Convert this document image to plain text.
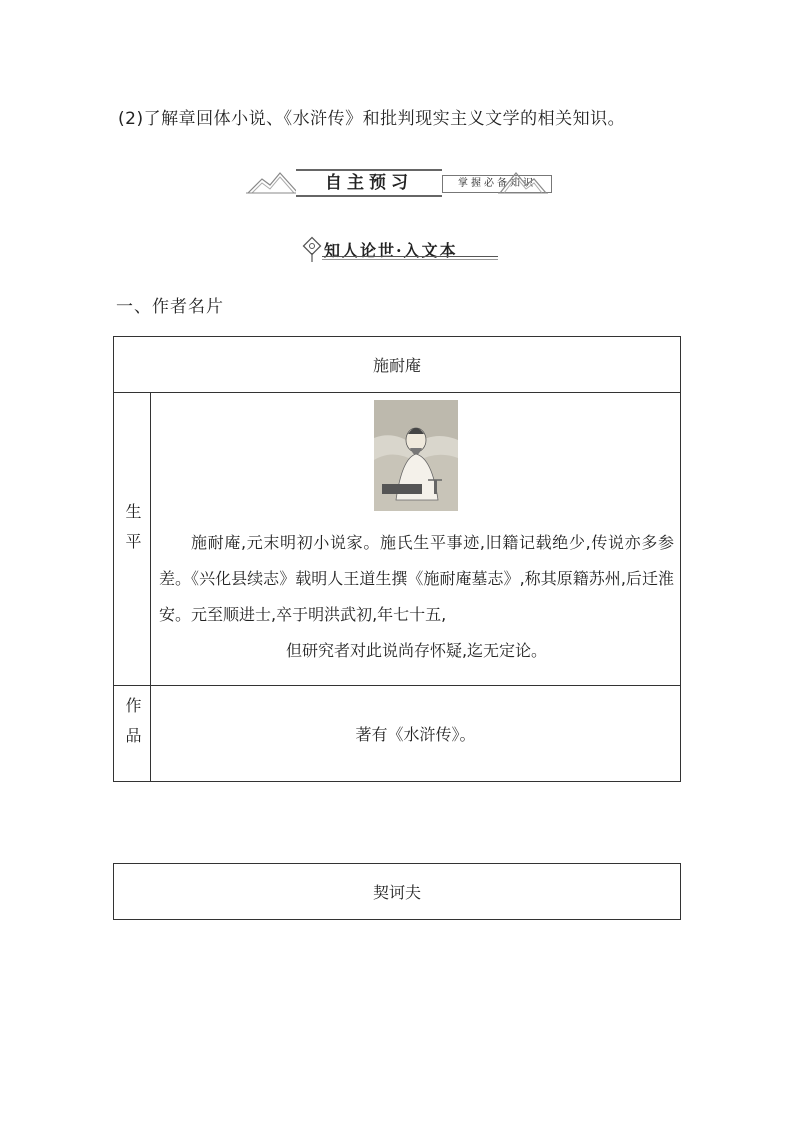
(2)了解章回体小说、《水浒传》和批判现实主义文学的相关知识。
自主预习	掌握必备知识
知人论世·入文本
一、作者名片
施耐庵	
生平	施耐庵,元末明初小说家。施氏生平事迹,旧籍记载绝少,传说亦多参差。《兴化县续志》载明人王道生撰《施耐庵墓志》,称其原籍苏州,后迁淮安。元至顺进士,卒于明洪武初,年七十五,
但研究者对此说尚存怀疑,迄无定论。

作品	著有《水浒传》。
契诃夫
